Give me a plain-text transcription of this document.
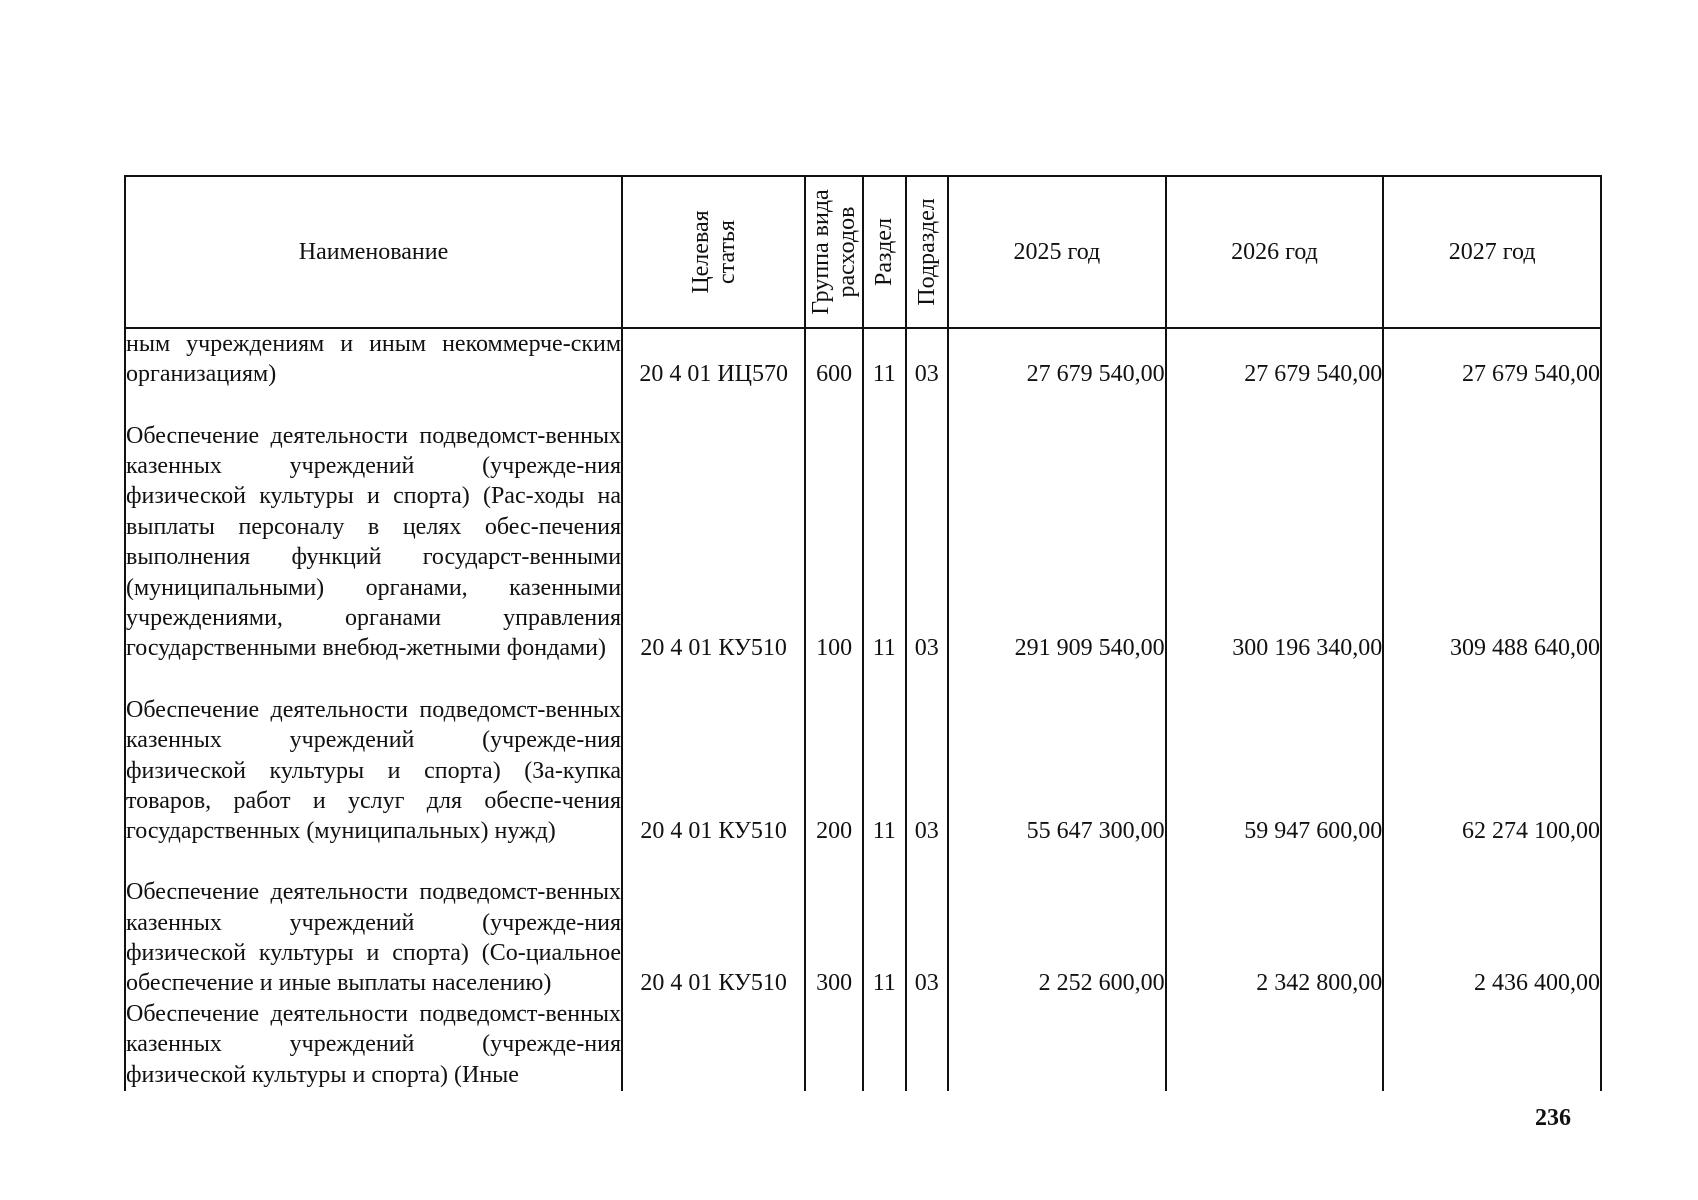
Наименование	Целевая статья	Группа вида расходов	Раздел	Подраздел	2025 год	2026 год	2027 год
ным учреждениям и иным некоммерче-ским организациям)	20 4 01 ИЦ570	600	11	03	27 679 540,00	27 679 540,00	27 679 540,00
Обеспечение деятельности подведомст-венных казенных учреждений (учрежде-ния физической культуры и спорта) (Рас-ходы на выплаты персоналу в целях обес-печения выполнения функций государст-венными (муниципальными) органами, казенными учреждениями, органами управления государственными внебюд-жетными фондами)	20 4 01 КУ510	100	11	03	291 909 540,00	300 196 340,00	309 488 640,00
Обеспечение деятельности подведомст-венных казенных учреждений (учрежде-ния физической культуры и спорта) (За-купка товаров, работ и услуг для обеспе-чения государственных (муниципальных) нужд)	20 4 01 КУ510	200	11	03	55 647 300,00	59 947 600,00	62 274 100,00
Обеспечение деятельности подведомст-венных казенных учреждений (учрежде-ния физической культуры и спорта) (Со-циальное обеспечение и иные выплаты населению)	20 4 01 КУ510	300	11	03	2 252 600,00	2 342 800,00	2 436 400,00
Обеспечение деятельности подведомст-венных казенных учреждений (учрежде-ния физической культуры и спорта) (Иные							
236
